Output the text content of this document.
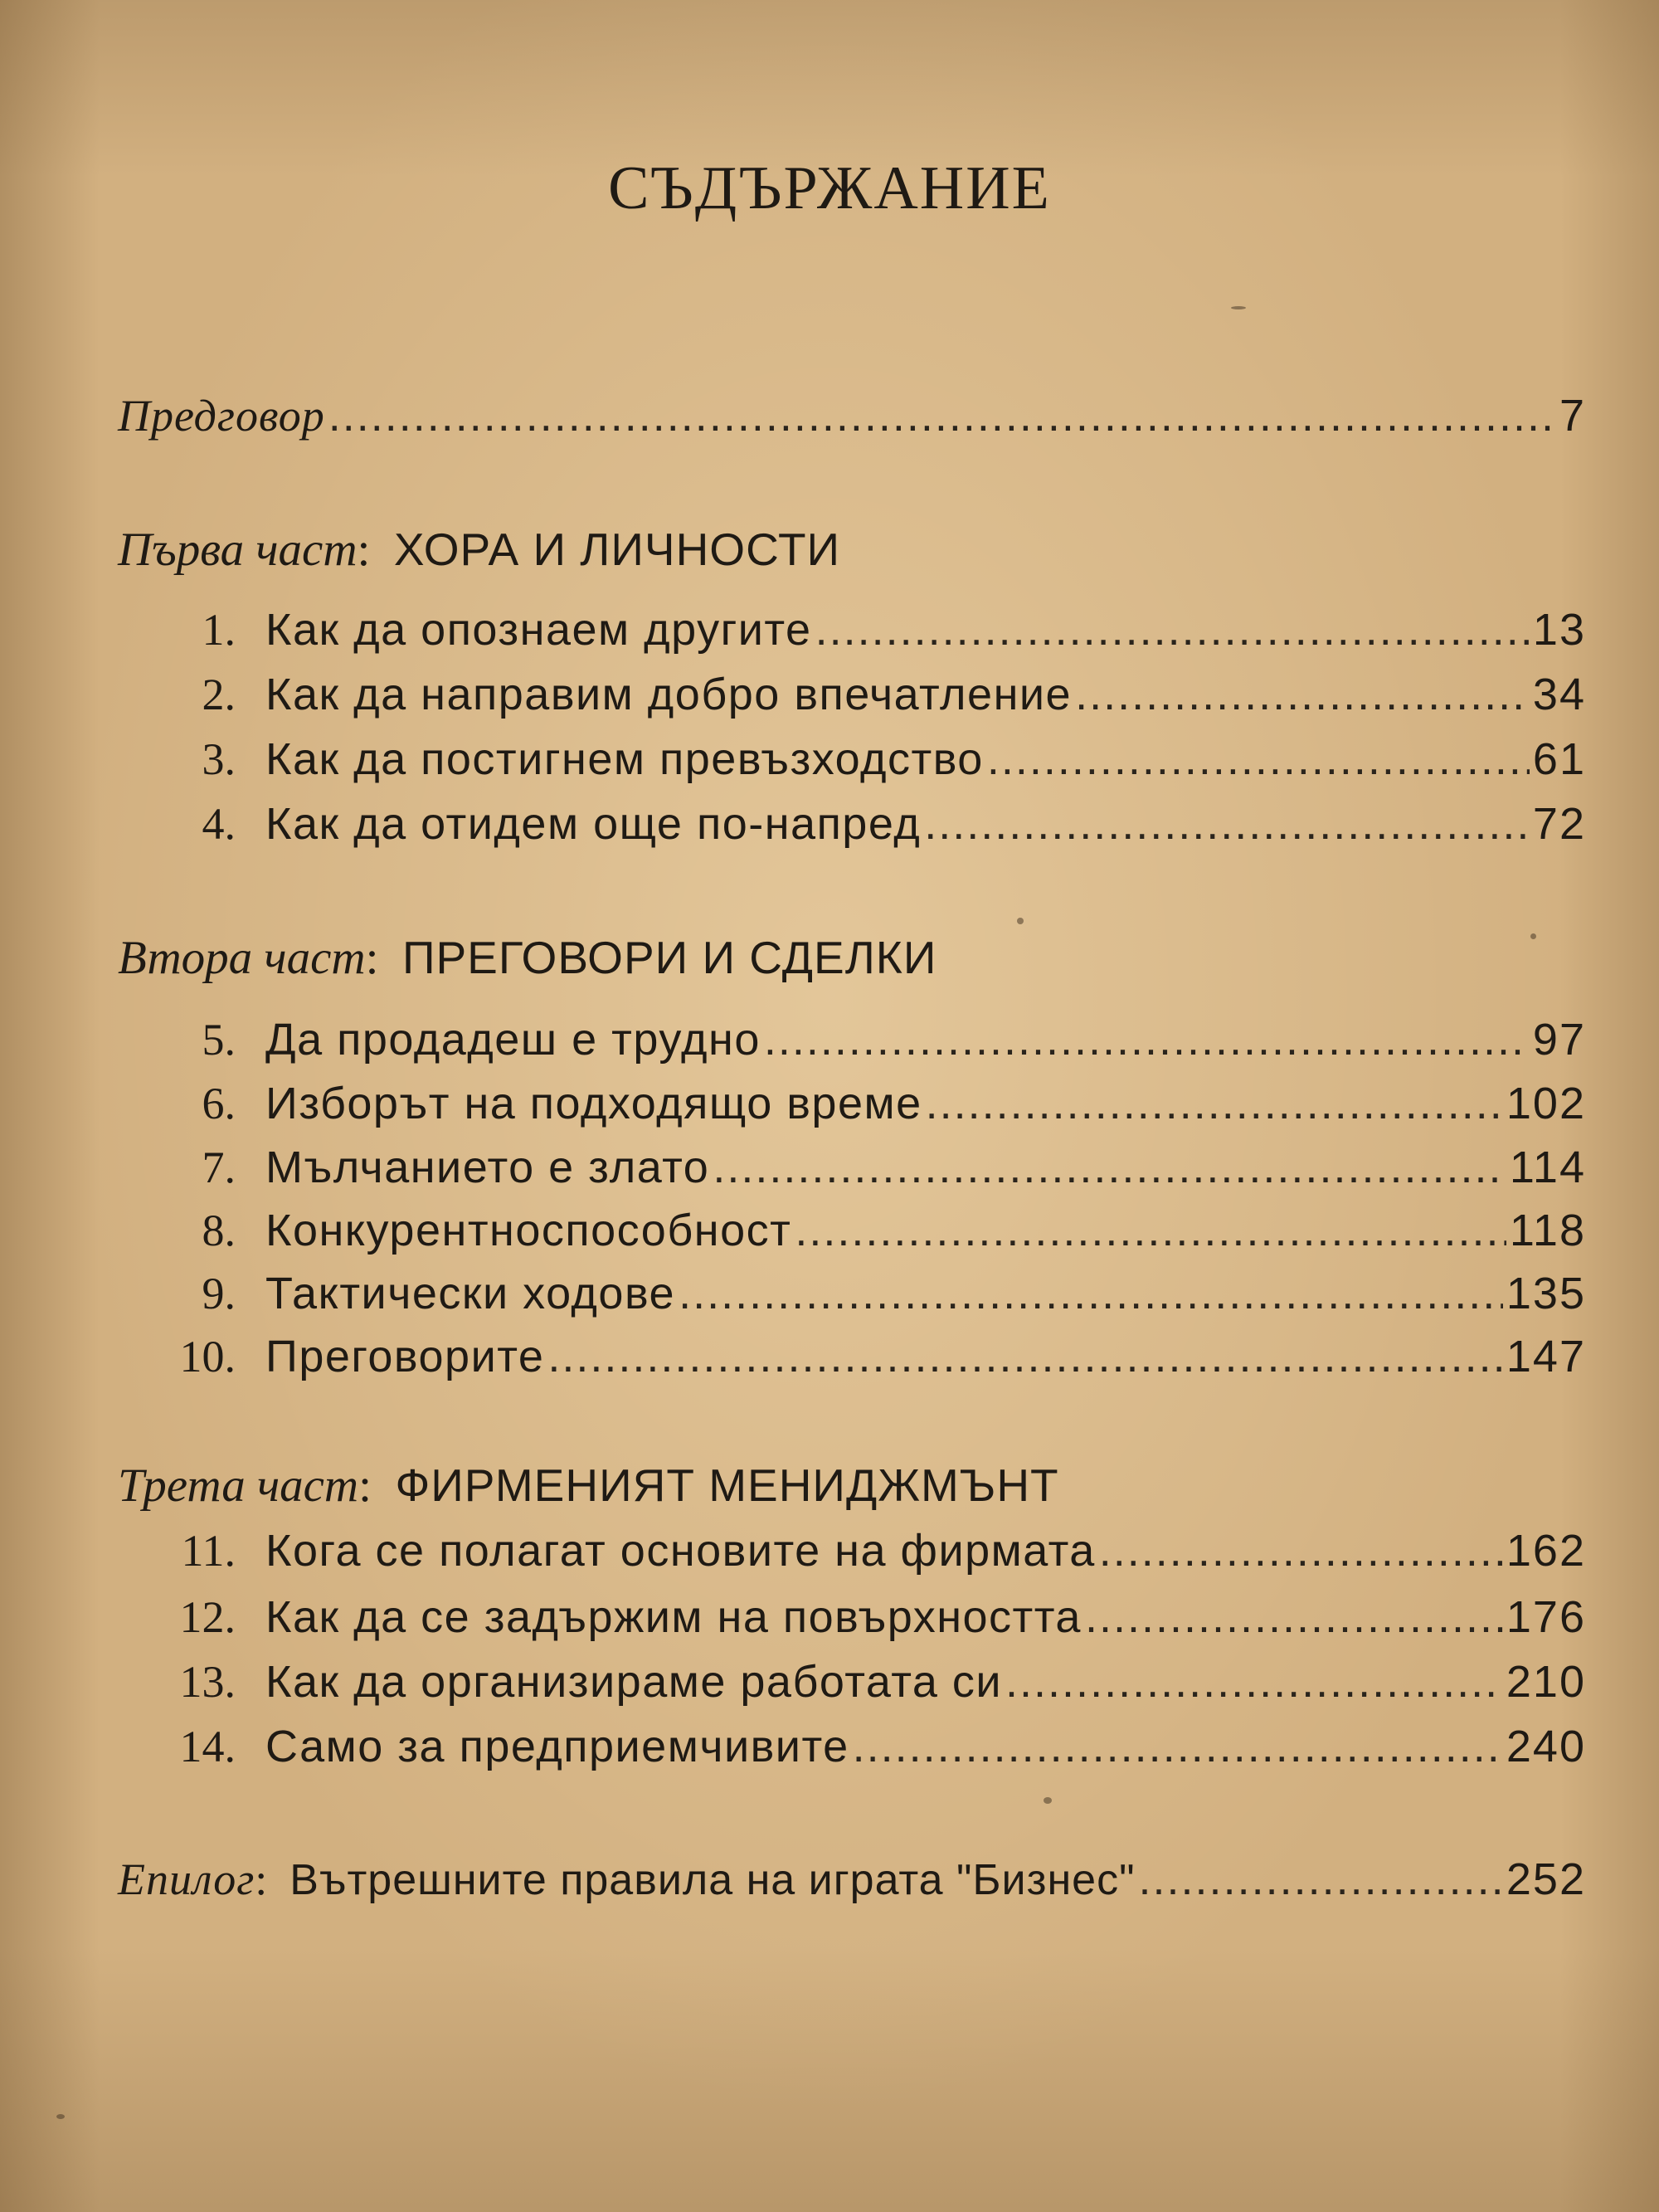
СЪДЪРЖАНИЕ
Предговор .....	7
Първа част:  ХОРА И ЛИЧНОСТИ
1. Как да опознаем другите .....	13
2. Как да направим добро впечатление .....	34
3. Как да постигнем превъзходство .....	61
4. Как да отидем още по-напред .....	72
Втора част:  ПРЕГОВОРИ И СДЕЛКИ
5. Да продадеш е трудно .....	97
6. Изборът на подходящо време .....	102
7. Мълчанието е злато .....	114
8. Конкурентноспособност .....	118
9. Тактически ходове .....	135
10. Преговорите .....	147
Трета част:  ФИРМЕНИЯТ МЕНИДЖМЪНТ
11. Кога се полагат основите на фирмата .....	162
12. Как да се задържим на повърхността .....	176
13. Как да организираме работата си .....	210
14. Само за предприемчивите .....	240
Епилог : Вътрешните правила на играта "Бизнес" .....	252
